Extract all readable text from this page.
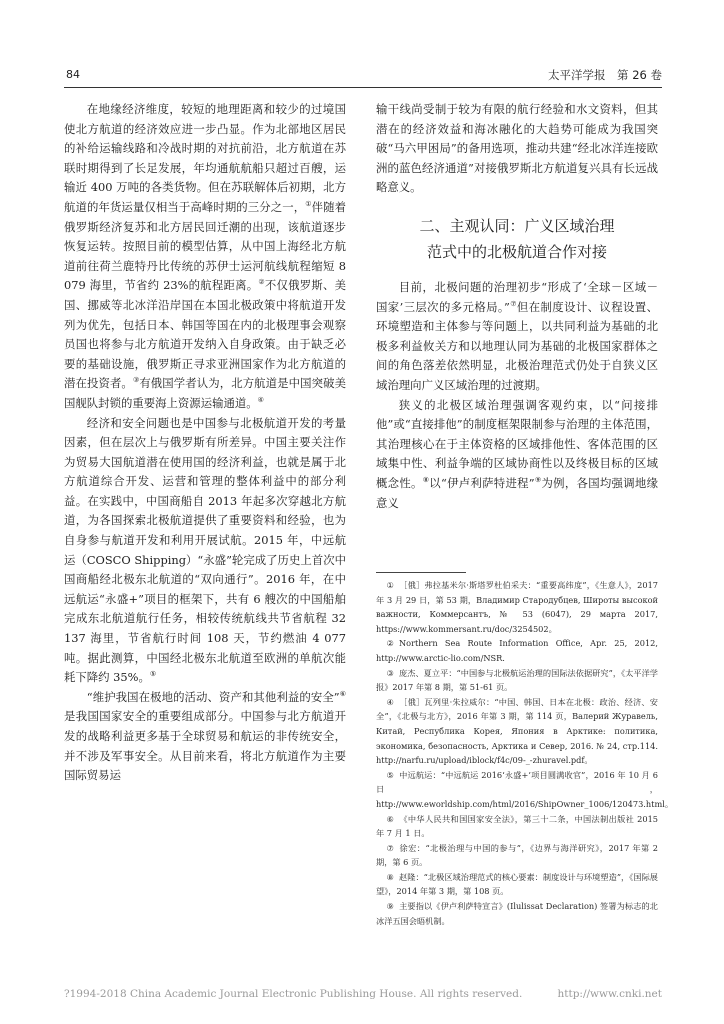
84	太平洋学报　第 26 卷

在地缘经济维度，较短的地理距离和较少的过境国使北方航道的经济效应进一步凸显。作为北部地区居民的补给运输线路和冷战时期的对抗前沿，北方航道在苏联时期得到了长足发展，年均通航航船只超过百艘，运输近 400 万吨的各类货物。但在苏联解体后初期，北方航道的年货运量仅相当于高峰时期的三分之一，①伴随着俄罗斯经济复苏和北方居民回迁潮的出现，该航道逐步恢复运转。按照目前的模型估算，从中国上海经北方航道前往荷兰鹿特丹比传统的苏伊士运河航线航程缩短 8 079 海里，节省约 23%的航程距离。②不仅俄罗斯、美国、挪威等北冰洋沿岸国在本国北极政策中将航道开发列为优先，包括日本、韩国等国在内的北极理事会观察员国也将参与北方航道开发纳入自身政策。由于缺乏必要的基础设施，俄罗斯正寻求亚洲国家作为北方航道的潜在投资者。③有俄国学者认为，北方航道是中国突破美国舰队封锁的重要海上资源运输通道。④

经济和安全问题也是中国参与北极航道开发的考量因素，但在层次上与俄罗斯有所差异。中国主要关注作为贸易大国航道潜在使用国的经济利益，也就是属于北方航道综合开发、运营和管理的整体利益中的部分利益。在实践中，中国商船自 2013 年起多次穿越北方航道，为各国探索北极航道提供了重要资料和经验，也为自身参与航道开发和利用开展试航。2015 年，中远航运（COSCO Shipping）“永盛”轮完成了历史上首次中国商船经北极东北航道的“双向通行”。2016 年，在中远航运“永盛+”项目的框架下，共有 6 艘次的中国船舶完成东北航道航行任务，相较传统航线共节省航程 32 137 海里，节省航行时间 108 天，节约燃油 4 077 吨。据此测算，中国经北极东北航道至欧洲的单航次能耗下降约 35%。⑤

“维护我国在极地的活动、资产和其他利益的安全”⑥是我国国家安全的重要组成部分。中国参与北方航道开发的战略利益更多基于全球贸易和航运的非传统安全，并不涉及军事安全。从目前来看，将北方航道作为主要国际贸易运

输干线尚受制于较为有限的航行经验和水文资料，但其潜在的经济效益和海冰融化的大趋势可能成为我国突破“马六甲困局”的备用选项，推动共建“经北冰洋连接欧洲的蓝色经济通道”对接俄罗斯北方航道复兴具有长远战略意义。

二、主观认同：广义区域治理
范式中的北极航道合作对接

目前，北极问题的治理初步“形成了‘全球－区域－国家’三层次的多元格局。”⑦但在制度设计、议程设置、环境塑造和主体参与等问题上，以共同利益为基础的北极多利益攸关方和以地理认同为基础的北极国家群体之间的角色落差依然明显，北极治理范式仍处于自狭义区域治理向广义区域治理的过渡期。

狭义的北极区域治理强调客观约束，以“问接排他”或“直接排他”的制度框架限制参与治理的主体范围，其治理核心在于主体资格的区域排他性、客体范围的区域集中性、利益争端的区域协商性以及终极目标的区域概念性。⑧以“伊卢利萨特进程”⑨为例，各国均强调地缘意义

① ［俄］弗拉基米尔·斯塔罗杜伯采夫：“重要高纬度”，《生意人》，2017 年 3 月 29 日，第 53 期，Владимир Стародубцев, Широты высокой важности, Коммерсантъ, № 53 (6047), 29 марта 2017, https://www.kommersant.ru/doc/3254502。

② Northern Sea Route Information Office, Apr. 25, 2012, http://www.arctic-lio.com/NSR.

③ 庞杰、夏立平：“中国参与北极航运治理的国际法依据研究”，《太平洋学报》2017 年第 8 期，第 51-61 页。

④ ［俄］瓦列里·朱拉威尔：“中国、韩国、日本在北极：政治、经济、安全”，《北极与北方》，2016 年第 3 期，第 114 页，Валерий Журавель, Китай, Республика Корея, Япония в Арктике: политика, экономика, безопасность, Арктика и Север, 2016. № 24, стр.114. http://narfu.ru/upload/iblock/f4c/09-_-zhuravel.pdf。

⑤ 中远航运：“中远航运 2016‘永盛+’项目圆满收官”，2016 年 10 月 6 日，http://www.eworldship.com/html/2016/ShipOwner_1006/120473.html。

⑥ 《中华人民共和国国家安全法》，第三十二条，中国法制出版社 2015 年 7 月 1 日。

⑦ 徐宏：“北极治理与中国的参与”，《边界与海洋研究》，2017 年第 2 期，第 6 页。

⑧ 赵隆：“北极区域治理范式的核心要素：制度设计与环境塑造”，《国际展望》，2014 年第 3 期，第 108 页。

⑨ 主要指以《伊卢利萨特宣言》(Ilulissat Declaration) 签署为标志的北冰洋五国会晤机制。

?1994-2018 China Academic Journal Electronic Publishing House. All rights reserved.	http://www.cnki.net
